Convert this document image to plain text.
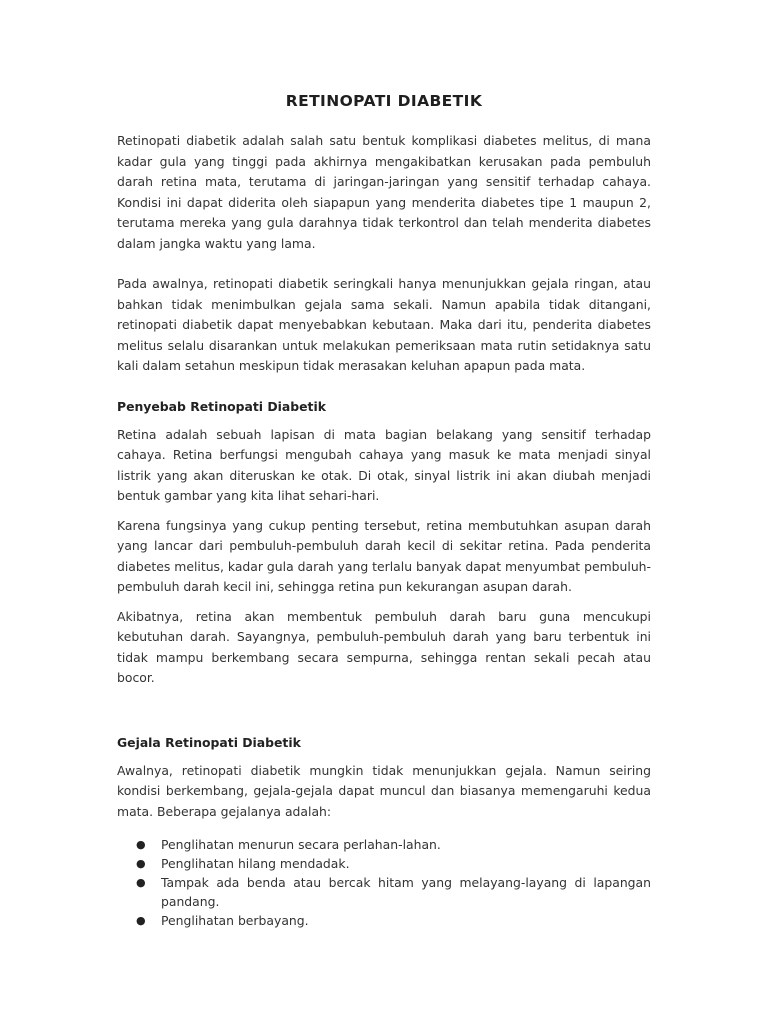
RETINOPATI DIABETIK

Retinopati diabetik adalah salah satu bentuk komplikasi diabetes melitus, di mana kadar gula yang tinggi pada akhirnya mengakibatkan kerusakan pada pembuluh darah retina mata, terutama di jaringan-jaringan yang sensitif terhadap cahaya. Kondisi ini dapat diderita oleh siapapun yang menderita diabetes tipe 1 maupun 2, terutama mereka yang gula darahnya tidak terkontrol dan telah menderita diabetes dalam jangka waktu yang lama.

Pada awalnya, retinopati diabetik seringkali hanya menunjukkan gejala ringan, atau bahkan tidak menimbulkan gejala sama sekali. Namun apabila tidak ditangani, retinopati diabetik dapat menyebabkan kebutaan. Maka dari itu, penderita diabetes melitus selalu disarankan untuk melakukan pemeriksaan mata rutin setidaknya satu kali dalam setahun meskipun tidak merasakan keluhan apapun pada mata.

Penyebab Retinopati Diabetik

Retina adalah sebuah lapisan di mata bagian belakang yang sensitif terhadap cahaya. Retina berfungsi mengubah cahaya yang masuk ke mata menjadi sinyal listrik yang akan diteruskan ke otak. Di otak, sinyal listrik ini akan diubah menjadi bentuk gambar yang kita lihat sehari-hari.

Karena fungsinya yang cukup penting tersebut, retina membutuhkan asupan darah yang lancar dari pembuluh-pembuluh darah kecil di sekitar retina. Pada penderita diabetes melitus, kadar gula darah yang terlalu banyak dapat menyumbat pembuluh-pembuluh darah kecil ini, sehingga retina pun kekurangan asupan darah.

Akibatnya, retina akan membentuk pembuluh darah baru guna mencukupi kebutuhan darah. Sayangnya, pembuluh-pembuluh darah yang baru terbentuk ini tidak mampu berkembang secara sempurna, sehingga rentan sekali pecah atau bocor.

Gejala Retinopati Diabetik

Awalnya, retinopati diabetik mungkin tidak menunjukkan gejala. Namun seiring kondisi berkembang, gejala-gejala dapat muncul dan biasanya memengaruhi kedua mata. Beberapa gejalanya adalah:

● Penglihatan menurun secara perlahan-lahan.
● Penglihatan hilang mendadak.
● Tampak ada benda atau bercak hitam yang melayang-layang di lapangan pandang.
● Penglihatan berbayang.
